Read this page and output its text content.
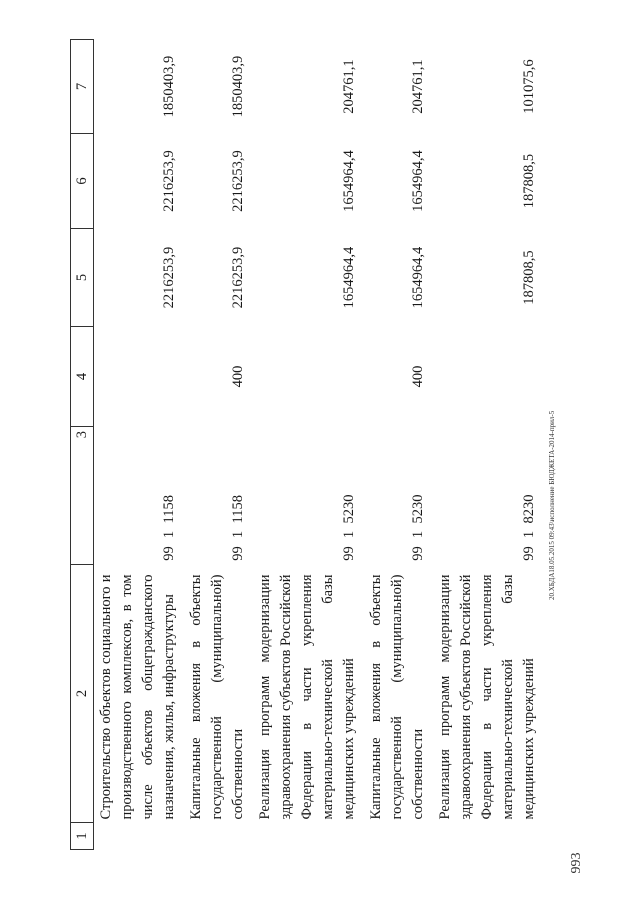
1	2	3			4	5	6	7
	Строительство объектов социального и производственного комплексов, в том числе объектов общегражданского назначения, жилья, инфраструктуры	99	1	1158		2216253,9	2216253,9	1850403,9
	Капитальные вложения в объекты государственной (муниципальной) собственности	99	1	1158	400	2216253,9	2216253,9	1850403,9
	Реализация программ модернизации здравоохранения субъектов Российской Федерации в части укрепления материально-технической базы медицинских учреждений	99	1	5230		1654964,4	1654964,4	204761,1
	Капитальные вложения в объекты государственной (муниципальной) собственности	99	1	5230	400	1654964,4	1654964,4	204761,1
	Реализация программ модернизации здравоохранения субъектов Российской Федерации в части укрепления материально-технической базы медицинских учреждений	99	1	8230		187808,5	187808,5	101075,6
20.ХБДА18.05.2015 09:43\исполнение БЮДЖЕТА-2014-прил-5
993
